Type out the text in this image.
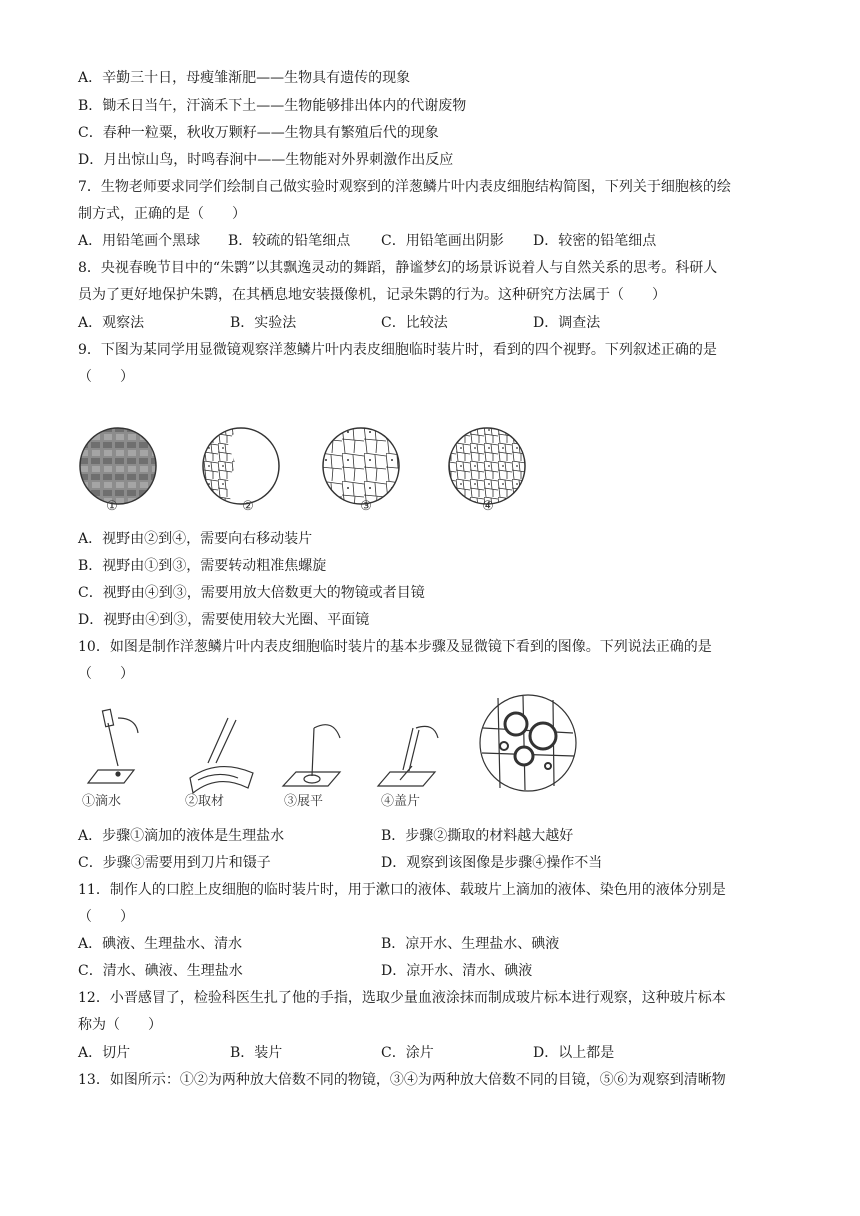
A．辛勤三十日，母瘦雏渐肥——生物具有遗传的现象
B．锄禾日当午，汗滴禾下土——生物能够排出体内的代谢废物
C．春种一粒粟，秋收万颗籽——生物具有繁殖后代的现象
D．月出惊山鸟，时鸣春涧中——生物能对外界刺激作出反应
7．生物老师要求同学们绘制自己做实验时观察到的洋葱鳞片叶内表皮细胞结构简图，下列关于细胞核的绘
制方式，正确的是（　　）
A．用铅笔画个黑球 B．较疏的铅笔细点 C．用铅笔画出阴影 D．较密的铅笔细点
8．央视春晚节目中的“朱鹮”以其飘逸灵动的舞蹈，静谧梦幻的场景诉说着人与自然关系的思考。科研人
员为了更好地保护朱鹮，在其栖息地安装摄像机，记录朱鹮的行为。这种研究方法属于（　　）
A．观察法	B．实验法	C．比较法	D．调查法
9．下图为某同学用显微镜观察洋葱鳞片叶内表皮细胞临时装片时，看到的四个视野。下列叙述正确的是
（　　）
①	②	③	④
A．视野由②到④，需要向右移动装片
B．视野由①到③，需要转动粗准焦螺旋
C．视野由④到③，需要用放大倍数更大的物镜或者目镜
D．视野由④到③，需要使用较大光圈、平面镜
10．如图是制作洋葱鳞片叶内表皮细胞临时装片的基本步骤及显微镜下看到的图像。下列说法正确的是
（　　）
①滴水	②取材	③展平	④盖片
A．步骤①滴加的液体是生理盐水	B．步骤②撕取的材料越大越好
C．步骤③需要用到刀片和镊子	D．观察到该图像是步骤④操作不当
11．制作人的口腔上皮细胞的临时装片时，用于漱口的液体、载玻片上滴加的液体、染色用的液体分别是
（　　）
A．碘液、生理盐水、清水	B．凉开水、生理盐水、碘液
C．清水、碘液、生理盐水	D．凉开水、清水、碘液
12．小晋感冒了，检验科医生扎了他的手指，选取少量血液涂抹而制成玻片标本进行观察，这种玻片标本
称为（　　）
A．切片	B．装片	C．涂片	D．以上都是
13．如图所示：①②为两种放大倍数不同的物镜，③④为两种放大倍数不同的目镜，⑤⑥为观察到清晰物
